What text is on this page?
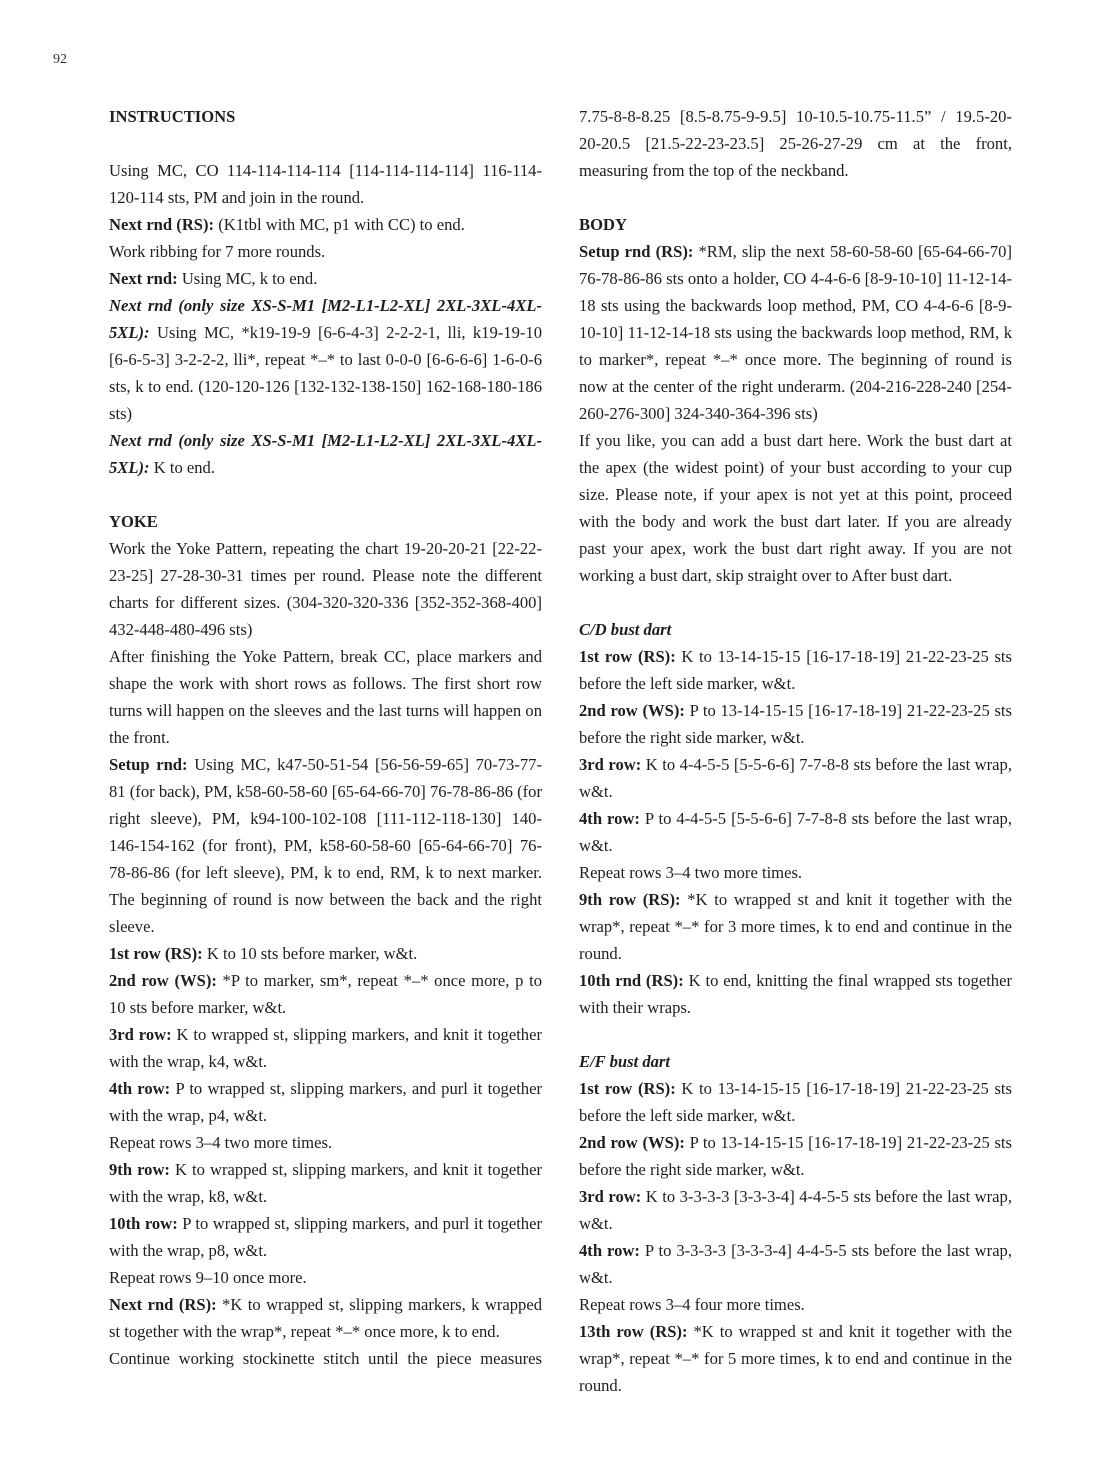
92

INSTRUCTIONS

Using MC, CO 114-114-114-114 [114-114-114-114] 116-114-120-114 sts, PM and join in the round.

Next rnd (RS): (K1tbl with MC, p1 with CC) to end.

Work ribbing for 7 more rounds.

Next rnd: Using MC, k to end.

Next rnd (only size XS-S-M1 [M2-L1-L2-XL] 2XL-3XL-4XL-5XL): Using MC, *k19-19-9 [6-6-4-3] 2-2-2-1, lli, k19-19-10 [6-6-5-3] 3-2-2-2, lli*, repeat *–* to last 0-0-0 [6-6-6-6] 1-6-0-6 sts, k to end. (120-120-126 [132-132-138-150] 162-168-180-186 sts)

Next rnd (only size XS-S-M1 [M2-L1-L2-XL] 2XL-3XL-4XL-5XL): K to end.

YOKE

Work the Yoke Pattern, repeating the chart 19-20-20-21 [22-22-23-25] 27-28-30-31 times per round. Please note the different charts for different sizes. (304-320-320-336 [352-352-368-400] 432-448-480-496 sts)

After finishing the Yoke Pattern, break CC, place markers and shape the work with short rows as follows. The first short row turns will happen on the sleeves and the last turns will happen on the front.

Setup rnd: Using MC, k47-50-51-54 [56-56-59-65] 70-73-77-81 (for back), PM, k58-60-58-60 [65-64-66-70] 76-78-86-86 (for right sleeve), PM, k94-100-102-108 [111-112-118-130] 140-146-154-162 (for front), PM, k58-60-58-60 [65-64-66-70] 76-78-86-86 (for left sleeve), PM, k to end, RM, k to next marker. The beginning of round is now between the back and the right sleeve.

1st row (RS): K to 10 sts before marker, w&t.

2nd row (WS): *P to marker, sm*, repeat *–* once more, p to 10 sts before marker, w&t.

3rd row: K to wrapped st, slipping markers, and knit it together with the wrap, k4, w&t.

4th row: P to wrapped st, slipping markers, and purl it together with the wrap, p4, w&t.

Repeat rows 3–4 two more times.

9th row: K to wrapped st, slipping markers, and knit it together with the wrap, k8, w&t.

10th row: P to wrapped st, slipping markers, and purl it together with the wrap, p8, w&t.

Repeat rows 9–10 once more.

Next rnd (RS): *K to wrapped st, slipping markers, k wrapped st together with the wrap*, repeat *–* once more, k to end.

Continue working stockinette stitch until the piece measures

7.75-8-8-8.25 [8.5-8.75-9-9.5] 10-10.5-10.75-11.5” / 19.5-20-20-20.5 [21.5-22-23-23.5] 25-26-27-29 cm at the front, measuring from the top of the neckband.

BODY

Setup rnd (RS): *RM, slip the next 58-60-58-60 [65-64-66-70] 76-78-86-86 sts onto a holder, CO 4-4-6-6 [8-9-10-10] 11-12-14-18 sts using the backwards loop method, PM, CO 4-4-6-6 [8-9-10-10] 11-12-14-18 sts using the backwards loop method, RM, k to marker*, repeat *–* once more. The beginning of round is now at the center of the right underarm. (204-216-228-240 [254-260-276-300] 324-340-364-396 sts)

If you like, you can add a bust dart here. Work the bust dart at the apex (the widest point) of your bust according to your cup size. Please note, if your apex is not yet at this point, proceed with the body and work the bust dart later. If you are already past your apex, work the bust dart right away. If you are not working a bust dart, skip straight over to After bust dart.

C/D bust dart

1st row (RS): K to 13-14-15-15 [16-17-18-19] 21-22-23-25 sts before the left side marker, w&t.

2nd row (WS): P to 13-14-15-15 [16-17-18-19] 21-22-23-25 sts before the right side marker, w&t.

3rd row: K to 4-4-5-5 [5-5-6-6] 7-7-8-8 sts before the last wrap, w&t.

4th row: P to 4-4-5-5 [5-5-6-6] 7-7-8-8 sts before the last wrap, w&t.

Repeat rows 3–4 two more times.

9th row (RS): *K to wrapped st and knit it together with the wrap*, repeat *–* for 3 more times, k to end and continue in the round.

10th rnd (RS): K to end, knitting the final wrapped sts together with their wraps.

E/F bust dart

1st row (RS): K to 13-14-15-15 [16-17-18-19] 21-22-23-25 sts before the left side marker, w&t.

2nd row (WS): P to 13-14-15-15 [16-17-18-19] 21-22-23-25 sts before the right side marker, w&t.

3rd row: K to 3-3-3-3 [3-3-3-4] 4-4-5-5 sts before the last wrap, w&t.

4th row: P to 3-3-3-3 [3-3-3-4] 4-4-5-5 sts before the last wrap, w&t.

Repeat rows 3–4 four more times.

13th row (RS): *K to wrapped st and knit it together with the wrap*, repeat *–* for 5 more times, k to end and continue in the round.
